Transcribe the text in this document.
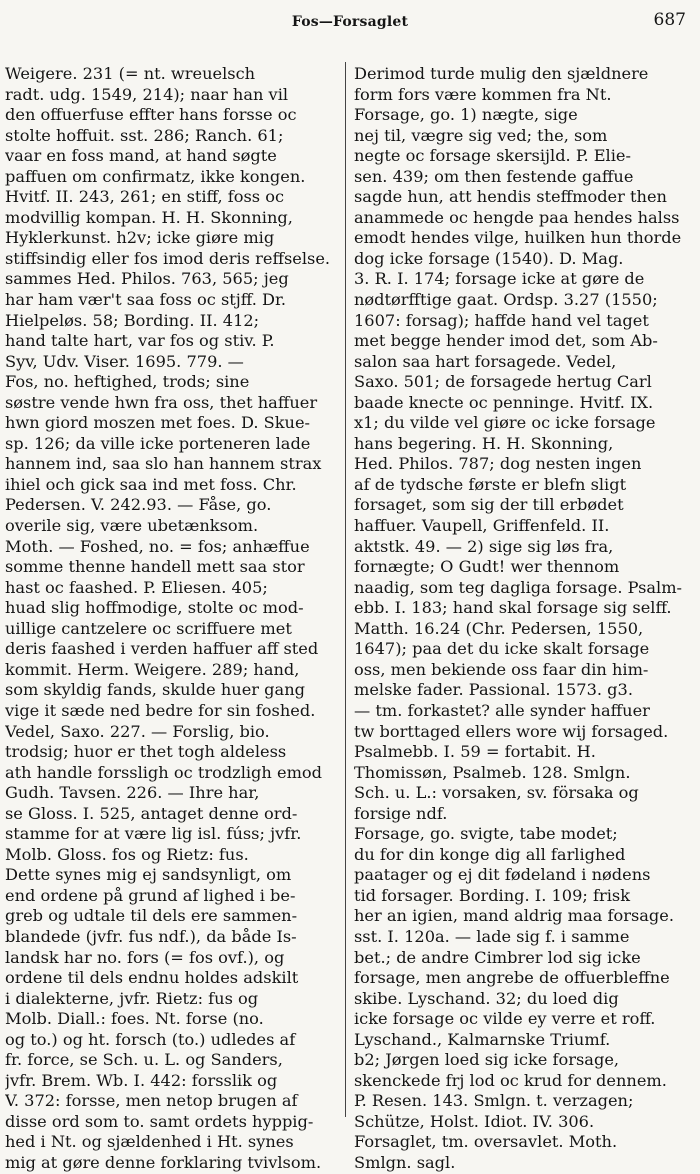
Fos—Forsaglet	687
Weigere. 231 (= nt. wreuelsch
radt. udg. 1549, 214); naar han vil
den offuerfuse effter hans forsse oc
stolte hoffuit. sst. 286; Ranch. 61;
vaar en foss mand, at hand søgte
paffuen om confirmatz, ikke kongen.
Hvitf. II. 243, 261; en stiff, foss oc
modvillig kompan. H. H. Skonning,
Hyklerkunst. h2v; icke giøre mig
stiffsindig eller fos imod deris reffselse.
sammes Hed. Philos. 763, 565; jeg
har ham vær't saa foss oc stjff. Dr.
Hielpeløs. 58; Bording. II. 412;
hand talte hart, var fos og stiv. P.
Syv, Udv. Viser. 1695. 779. —
Fos, no. heftighed, trods; sine
søstre vende hwn fra oss, thet haffuer
hwn giord moszen met foes. D. Skue-
sp. 126; da ville icke porteneren lade
hannem ind, saa slo han hannem strax
ihiel och gick saa ind met foss. Chr.
Pedersen. V. 242.93. — Fåse, go.
overile sig, være ubetænksom.
Moth. — Foshed, no. = fos; anhæffue
somme thenne handell mett saa stor
hast oc faashed. P. Eliesen. 405;
huad slig hoffmodige, stolte oc mod-
uillige cantzelere oc scriffuere met
deris faashed i verden haffuer aff sted
kommit. Herm. Weigere. 289; hand,
som skyldig fands, skulde huer gang
vige it sæde ned bedre for sin foshed.
Vedel, Saxo. 227. — Forslig, bio.
trodsig; huor er thet togh aldeless
ath handle forssligh oc trodzligh emod
Gudh. Tavsen. 226. — Ihre har,
se Gloss. I. 525, antaget denne ord-
stamme for at være lig isl. fúss; jvfr.
Molb. Gloss. fos og Rietz: fus.
Dette synes mig ej sandsynligt, om
end ordene på grund af lighed i be-
greb og udtale til dels ere sammen-
blandede (jvfr. fus ndf.), da både Is-
landsk har no. fors (= fos ovf.), og
ordene til dels endnu holdes adskilt
i dialekterne, jvfr. Rietz: fus og
Molb. Diall.: foes. Nt. forse (no.
og to.) og ht. forsch (to.) udledes af
fr. force, se Sch. u. L. og Sanders,
jvfr. Brem. Wb. I. 442: forsslik og
V. 372: forsse, men netop brugen af
disse ord som to. samt ordets hyppig-
hed i Nt. og sjældenhed i Ht. synes
mig at gøre denne forklaring tvivlsom.
Derimod turde mulig den sjældnere
form fors være kommen fra Nt.
Forsage, go. 1) nægte, sige
nej til, vægre sig ved; the, som
negte oc forsage skersijld. P. Elie-
sen. 439; om then festende gaffue
sagde hun, att hendis steffmoder then
anammede oc hengde paa hendes halss
emodt hendes vilge, huilken hun thorde
dog icke forsage (1540). D. Mag.
3. R. I. 174; forsage icke at gøre de
nødtørfftige gaat. Ordsp. 3.27 (1550;
1607: forsag); haffde hand vel taget
met begge hender imod det, som Ab-
salon saa hart forsagede. Vedel,
Saxo. 501; de forsagede hertug Carl
baade knecte oc penninge. Hvitf. IX.
x1; du vilde vel giøre oc icke forsage
hans begering. H. H. Skonning,
Hed. Philos. 787; dog nesten ingen
af de tydsche første er blefn sligt
forsaget, som sig der till erbødet
haffuer. Vaupell, Griffenfeld. II.
aktstk. 49. — 2) sige sig løs fra,
fornægte; O Gudt! wer thennom
naadig, som teg dagliga forsage. Psalm-
ebb. I. 183; hand skal forsage sig selff.
Matth. 16.24 (Chr. Pedersen, 1550,
1647); paa det du icke skalt forsage
oss, men bekiende oss faar din him-
melske fader. Passional. 1573. g3.
— tm. forkastet? alle synder haffuer
tw borttaged ellers wore wij forsaged.
Psalmebb. I. 59 = fortabit. H.
Thomissøn, Psalmeb. 128. Smlgn.
Sch. u. L.: vorsaken, sv. försaka og
forsige ndf.
Forsage, go. svigte, tabe modet;
du for din konge dig all farlighed
paatager og ej dit fødeland i nødens
tid forsager. Bording. I. 109; frisk
her an igien, mand aldrig maa forsage.
sst. I. 120a. — lade sig f. i samme
bet.; de andre Cimbrer lod sig icke
forsage, men angrebe de offuerbleffne
skibe. Lyschand. 32; du loed dig
icke forsage oc vilde ey verre et roff.
Lyschand., Kalmarnske Triumf.
b2; Jørgen loed sig icke forsage,
skenckede frj lod oc krud for dennem.
P. Resen. 143. Smlgn. t. verzagen;
Schütze, Holst. Idiot. IV. 306.
Forsaglet, tm. oversavlet. Moth.
Smlgn. sagl.
